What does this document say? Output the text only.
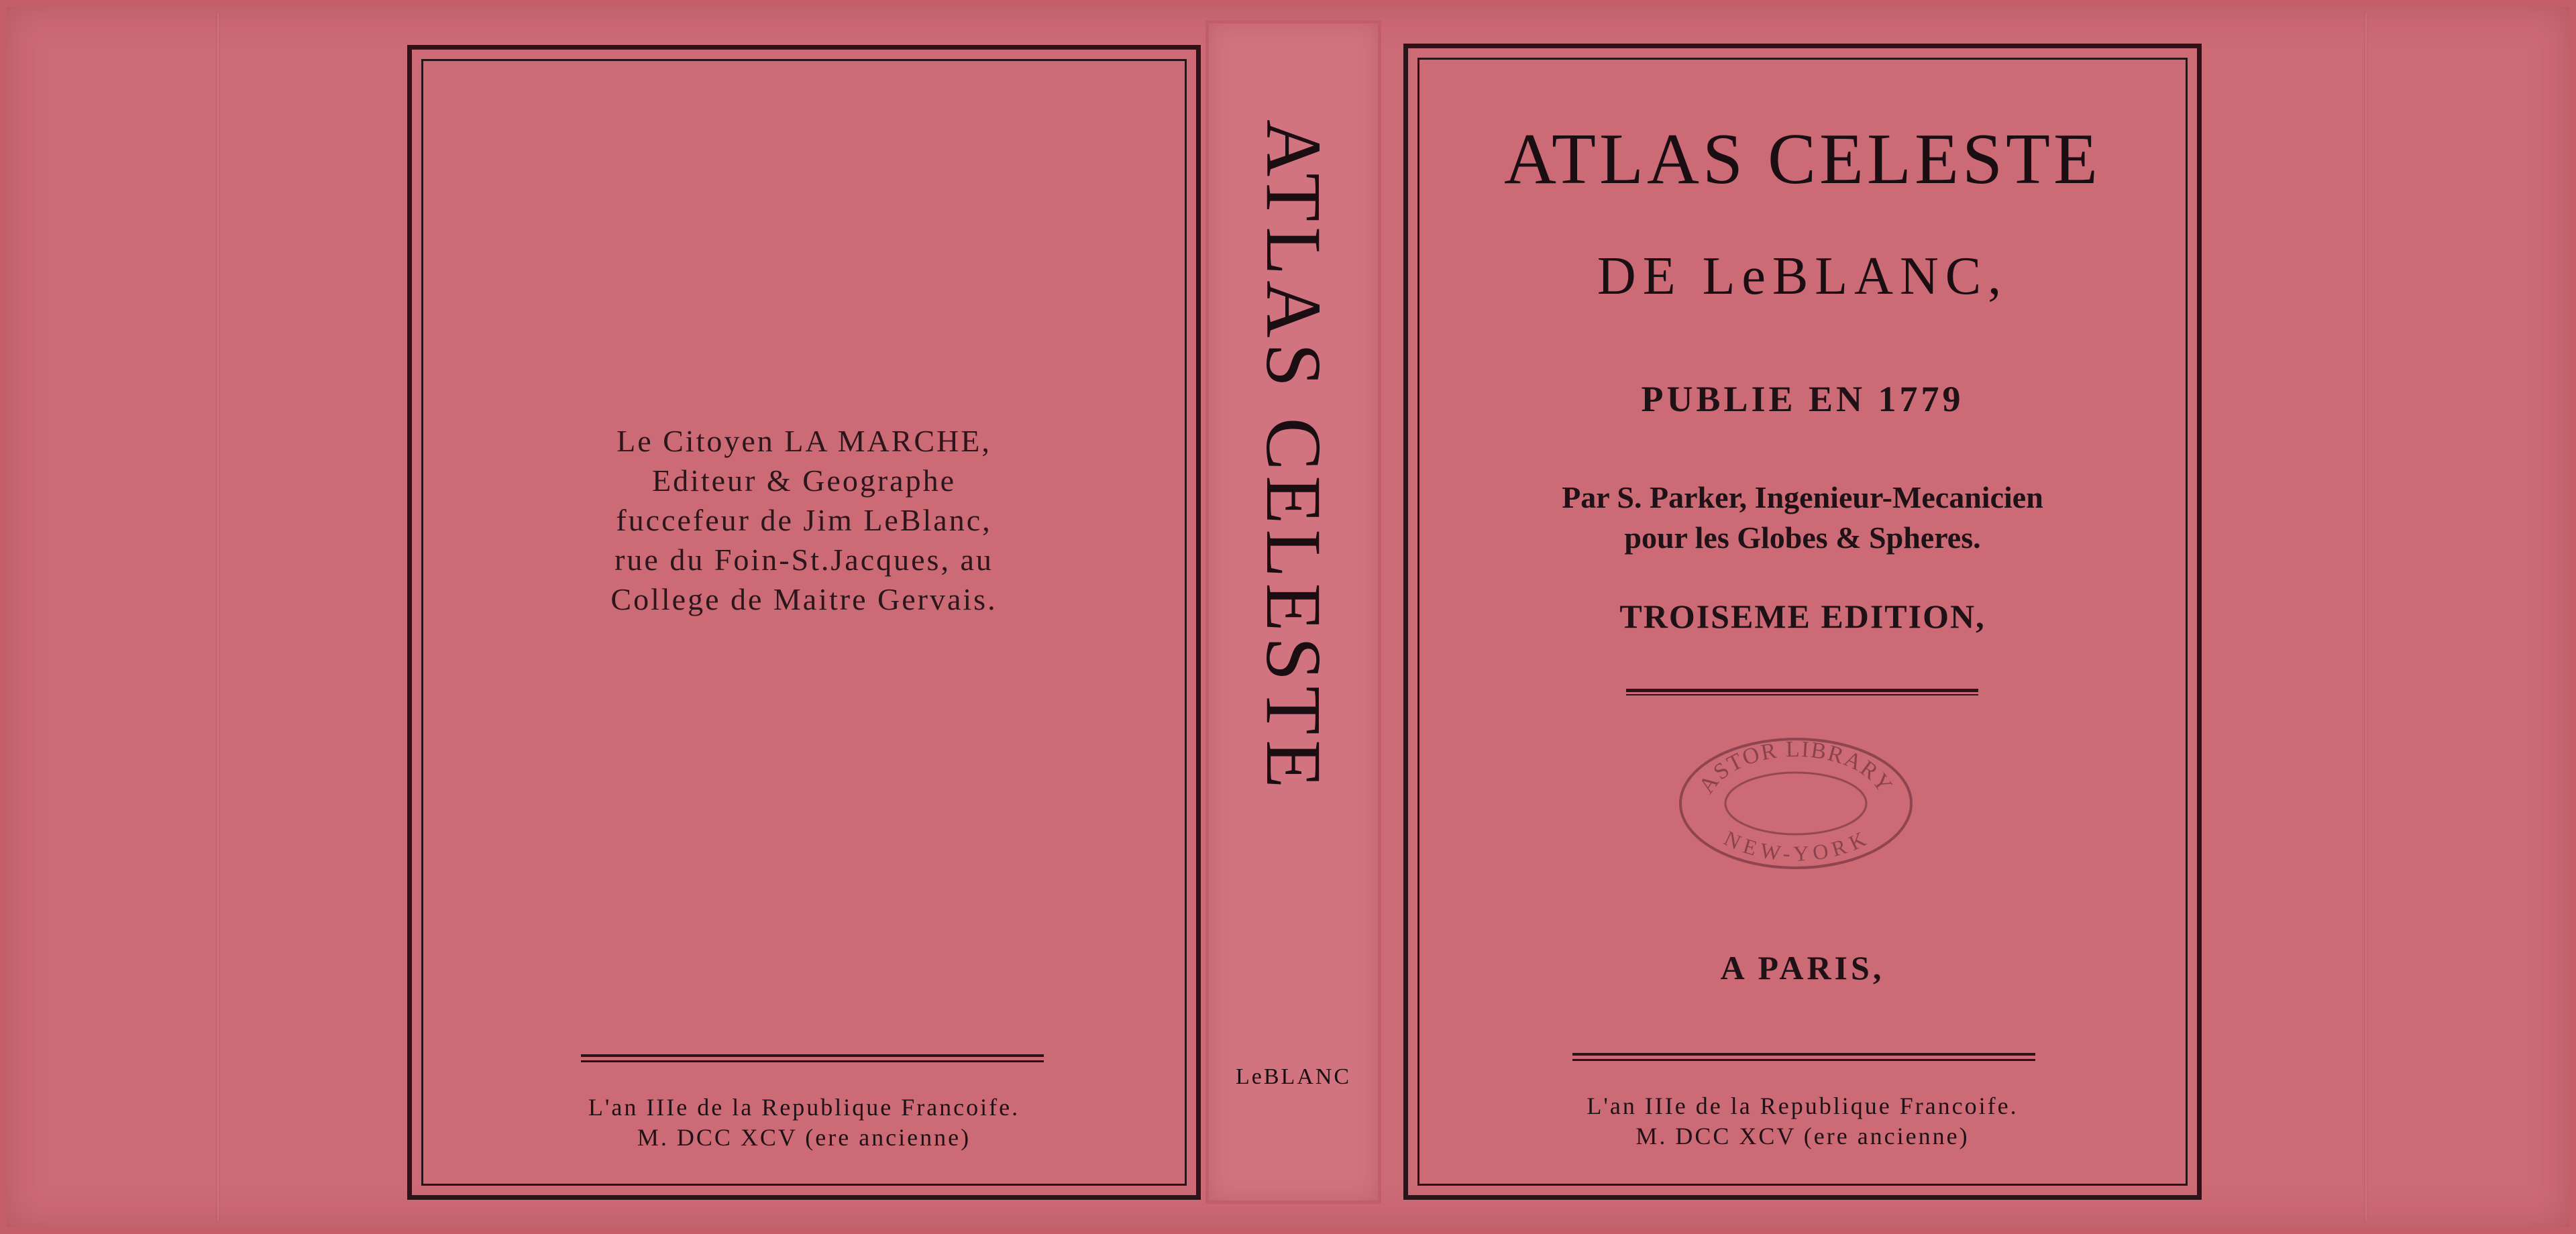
Le Citoyen LA MARCHE,
Editeur & Geographe
fuccefeur de Jim LeBlanc,
rue du Foin-St.Jacques, au
College de Maitre Gervais.
L'an IIIe de la Republique Francoife.
M. DCC XCV (ere ancienne)
ATLAS CELESTE
LeBLANC
ATLAS CELESTE
DE LeBLANC,
PUBLIE EN 1779
Par S. Parker, Ingenieur-Mecanicien
pour les Globes & Spheres.
TROISEME EDITION,
ASTOR LIBRARY
NEW-YORK
A PARIS,
L'an IIIe de la Republique Francoife.
M. DCC XCV (ere ancienne)
